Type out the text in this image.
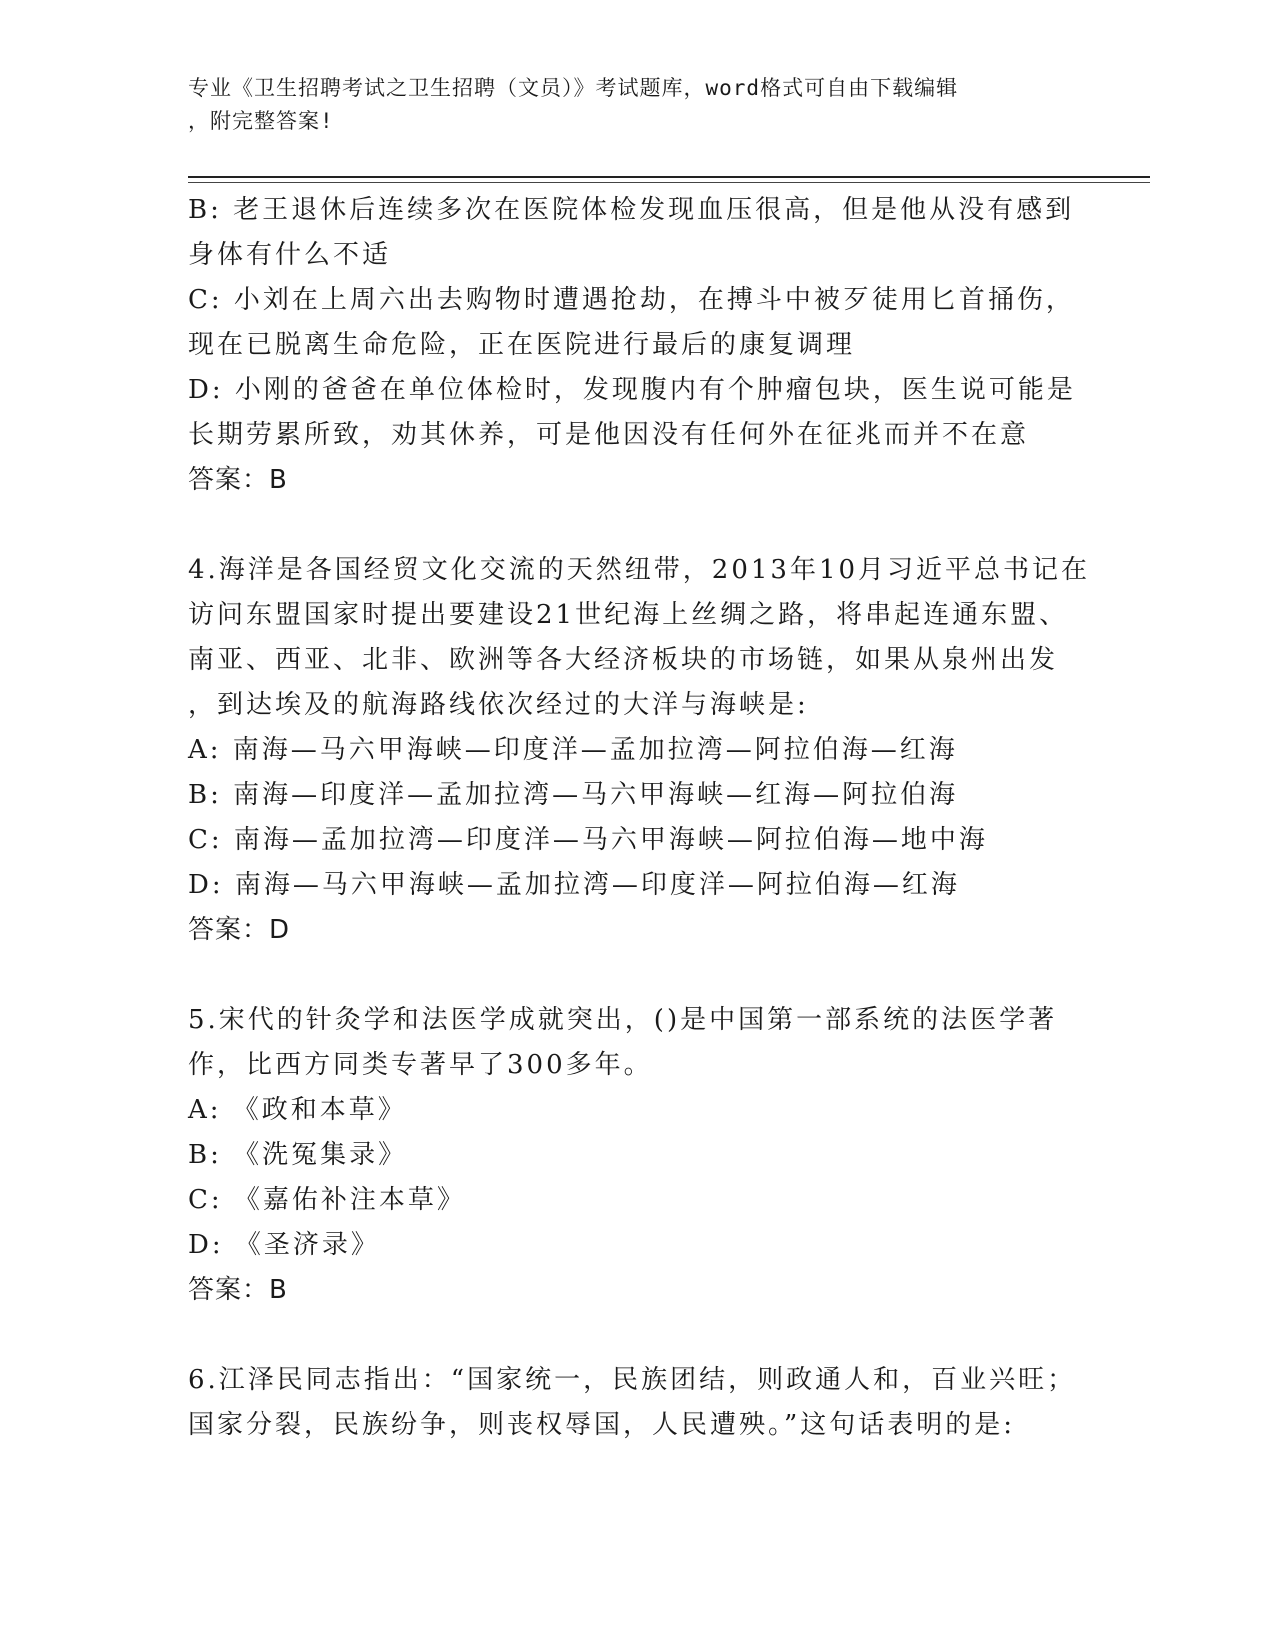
专业《卫生招聘考试之卫生招聘（文员）》考试题库，word格式可自由下载编辑
，附完整答案!
B: 老王退休后连续多次在医院体检发现血压很高，但是他从没有感到
身体有什么不适
C: 小刘在上周六出去购物时遭遇抢劫，在搏斗中被歹徒用匕首捅伤，
现在已脱离生命危险，正在医院进行最后的康复调理
D: 小刚的爸爸在单位体检时，发现腹内有个肿瘤包块，医生说可能是
长期劳累所致，劝其休养，可是他因没有任何外在征兆而并不在意
答案：B
4.海洋是各国经贸文化交流的天然纽带，2013年10月习近平总书记在
访问东盟国家时提出要建设21世纪海上丝绸之路，将串起连通东盟、
南亚、西亚、北非、欧洲等各大经济板块的市场链，如果从泉州出发
，到达埃及的航海路线依次经过的大洋与海峡是:
A: 南海—马六甲海峡—印度洋—孟加拉湾—阿拉伯海—红海
B: 南海—印度洋—孟加拉湾—马六甲海峡—红海—阿拉伯海
C: 南海—孟加拉湾—印度洋—马六甲海峡—阿拉伯海—地中海
D: 南海—马六甲海峡—孟加拉湾—印度洋—阿拉伯海—红海
答案：D
5.宋代的针灸学和法医学成就突出，()是中国第一部系统的法医学著
作，比西方同类专著早了300多年。
A: 《政和本草》
B: 《洗冤集录》
C: 《嘉佑补注本草》
D: 《圣济录》
答案：B
6.江泽民同志指出：“国家统一，民族团结，则政通人和，百业兴旺；
国家分裂，民族纷争，则丧权辱国，人民遭殃。”这句话表明的是:
